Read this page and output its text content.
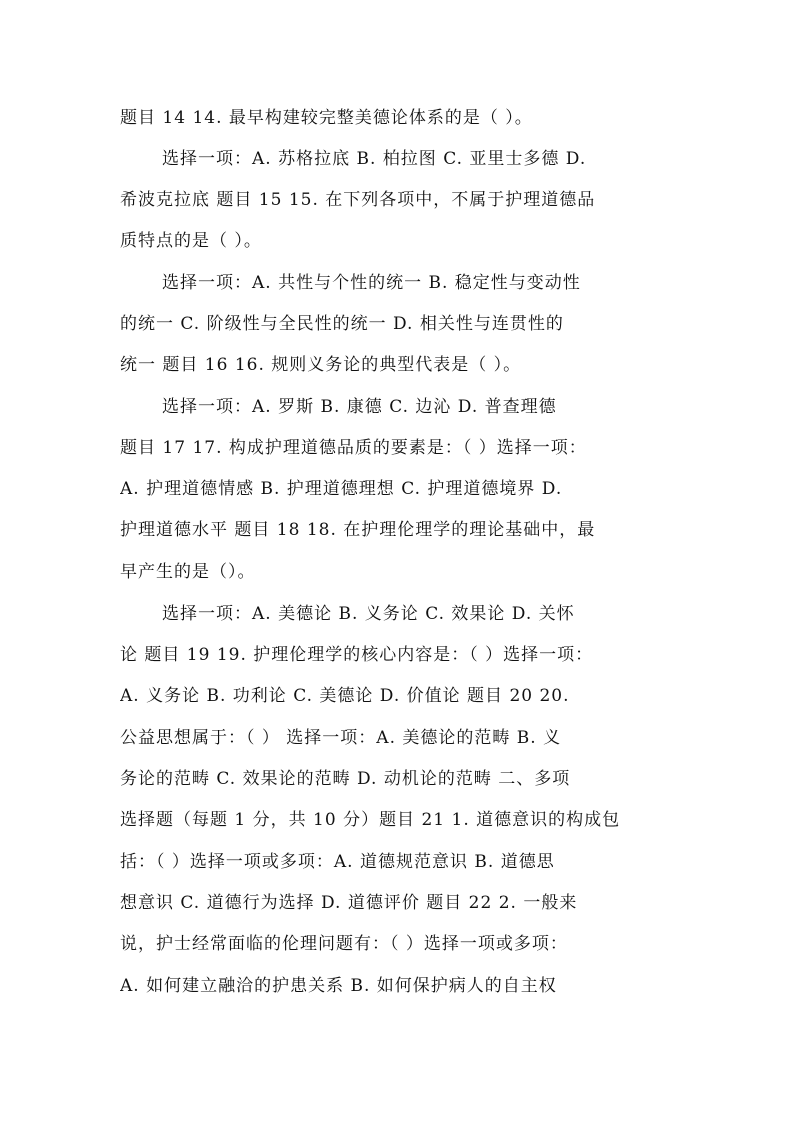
题目 14 14. 最早构建较完整美德论体系的是（ ）。
选择一项：A. 苏格拉底 B. 柏拉图 C. 亚里士多德 D.
希波克拉底 题目 15 15. 在下列各项中，不属于护理道德品
质特点的是（ ）。
选择一项：A. 共性与个性的统一 B. 稳定性与变动性
的统一 C. 阶级性与全民性的统一 D. 相关性与连贯性的
统一 题目 16 16. 规则义务论的典型代表是（ ）。
选择一项：A. 罗斯 B. 康德 C. 边沁 D. 普查理德
题目 17 17. 构成护理道德品质的要素是：（ ）选择一项：
A. 护理道德情感 B. 护理道德理想 C. 护理道德境界 D.
护理道德水平 题目 18 18. 在护理伦理学的理论基础中，最
早产生的是（）。
选择一项：A. 美德论 B. 义务论 C. 效果论 D. 关怀
论 题目 19 19. 护理伦理学的核心内容是：（ ）选择一项：
A. 义务论 B. 功利论 C. 美德论 D. 价值论 题目 20 20.
公益思想属于：（ ） 选择一项：A. 美德论的范畴 B. 义
务论的范畴 C. 效果论的范畴 D. 动机论的范畴 二、多项
选择题（每题 1 分，共 10 分）题目 21 1. 道德意识的构成包
括：（ ）选择一项或多项：A. 道德规范意识 B. 道德思
想意识 C. 道德行为选择 D. 道德评价 题目 22 2. 一般来
说，护士经常面临的伦理问题有：（ ）选择一项或多项：
A. 如何建立融洽的护患关系 B. 如何保护病人的自主权
